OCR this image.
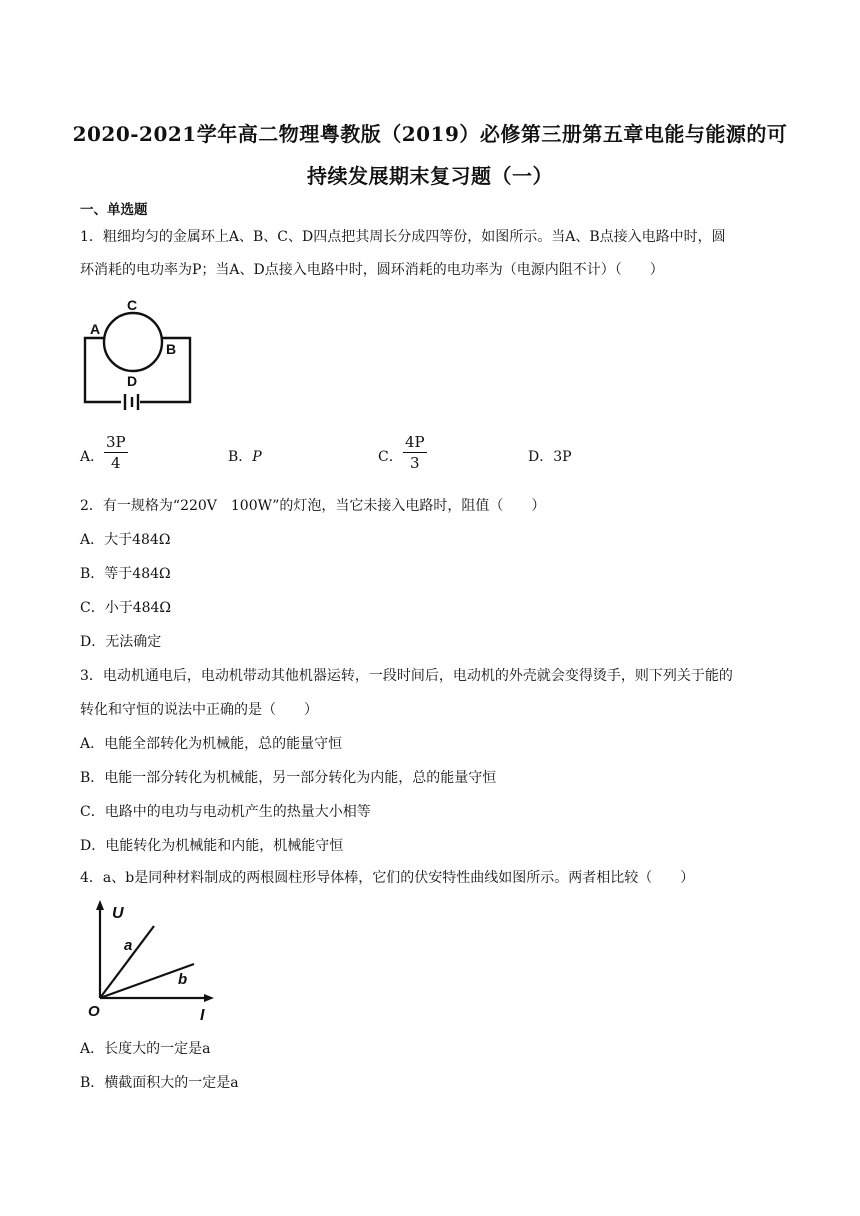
2020-2021学年高二物理粤教版（2019）必修第三册第五章电能与能源的可
持续发展期末复习题（一）
一、单选题
1．粗细均匀的金属环上A、B、C、D四点把其周长分成四等份，如图所示。当A、B点接入电路中时，圆
环消耗的电功率为P；当A、D点接入电路中时，圆环消耗的电功率为（电源内阻不计）（　　）
C
A
B
D
A． $\frac{3P}{4}$	B．P	C． $\frac{4P}{3}$	D．3P
2．有一规格为“220V　100W”的灯泡，当它未接入电路时，阻值（　　）
A．大于484Ω
B．等于484Ω
C．小于484Ω
D．无法确定
3．电动机通电后，电动机带动其他机器运转，一段时间后，电动机的外壳就会变得烫手，则下列关于能的
转化和守恒的说法中正确的是（　　）
A．电能全部转化为机械能，总的能量守恒
B．电能一部分转化为机械能，另一部分转化为内能，总的能量守恒
C．电路中的电功与电动机产生的热量大小相等
D．电能转化为机械能和内能，机械能守恒
4．a、b是同种材料制成的两根圆柱形导体棒，它们的伏安特性曲线如图所示。两者相比较（　　）
U
I
O
a
b
A．长度大的一定是a
B．横截面积大的一定是a
